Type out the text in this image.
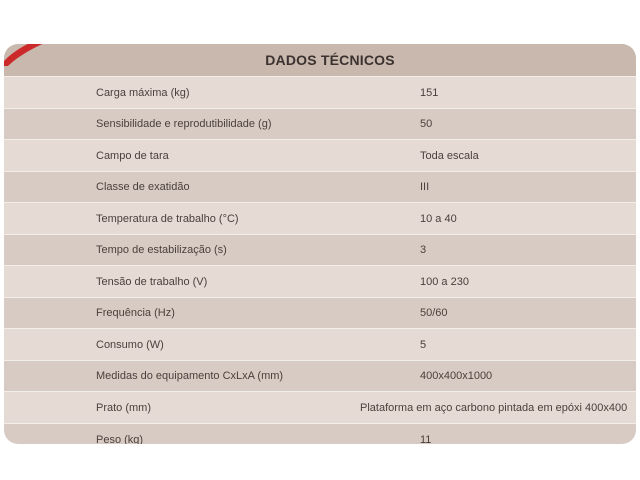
DADOS TÉCNICOS
Carga máxima (kg)	151
Sensibilidade e reprodutibilidade (g)	50
Campo de tara	Toda escala
Classe de exatidão	III
Temperatura de trabalho (°C)	10 a 40
Tempo de estabilização (s)	3
Tensão de trabalho (V)	100 a 230
Frequência (Hz)	50/60
Consumo (W)	5
Medidas do equipamento CxLxA (mm)	400x400x1000
Prato (mm)	Plataforma em aço carbono pintada em epóxi 400x400
Peso (kg)	11
